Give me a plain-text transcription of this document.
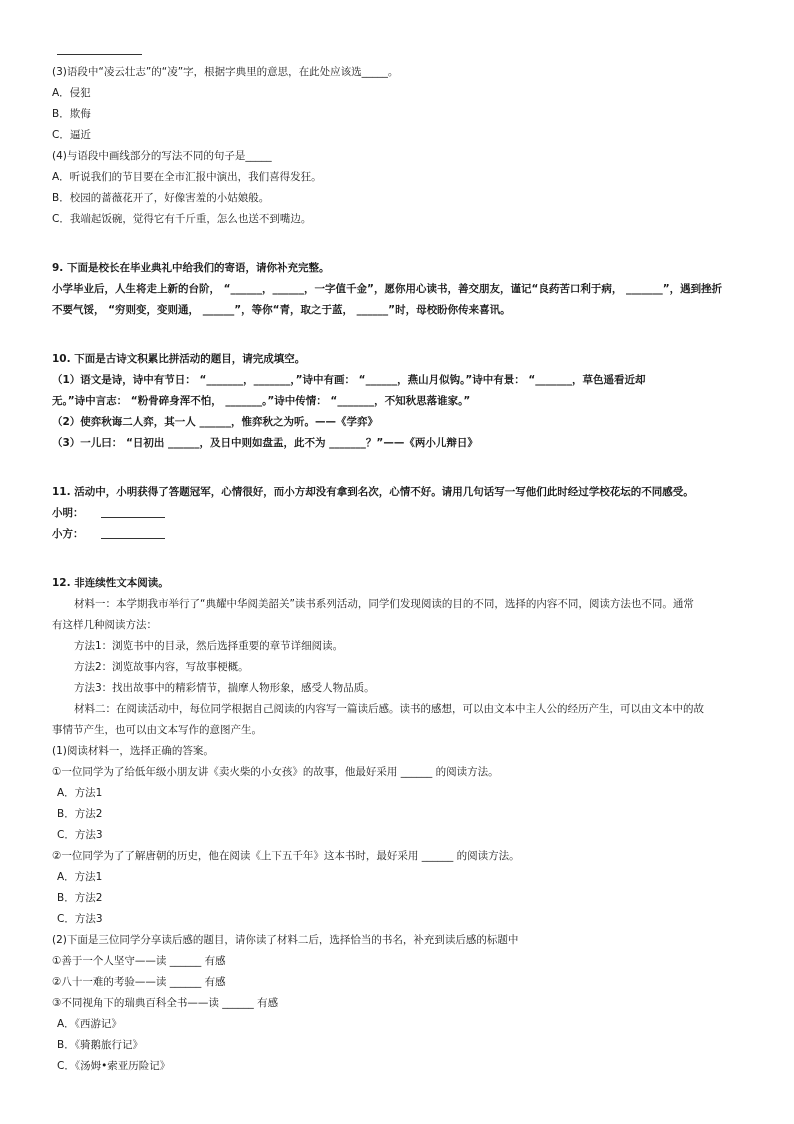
(3)语段中“凌云壮志”的“凌”字，根据字典里的意思，在此处应该选_____。
A．侵犯
B．欺侮
C．逼近
(4)与语段中画线部分的写法不同的句子是_____
A．听说我们的节目要在全市汇报中演出，我们喜得发狂。
B．校园的蔷薇花开了，好像害羞的小姑娘般。
C．我端起饭碗，觉得它有千斤重，怎么也送不到嘴边。
9. 下面是校长在毕业典礼中给我们的寄语，请你补充完整。
小学毕业后，人生将走上新的台阶， “______，______，一字值千金”，愿你用心读书，善交朋友，谨记“良药苦口利于病， _______”，遇到挫折
不要气馁， “穷则变，变则通， ______”，等你“青，取之于蓝， ______”时，母校盼你传来喜讯。
10. 下面是古诗文积累比拼活动的题目，请完成填空。
（1）语文是诗，诗中有节日： “_______，_______，”诗中有画： “______，燕山月似钩。”诗中有景： “_______，草色遥看近却
无。”诗中言志： “粉骨碎身浑不怕， _______。”诗中传情： “_______，不知秋思落谁家。”
（2）使弈秋诲二人弈，其一人 ______，惟弈秋之为听。——《学弈》
（3）一儿曰： “日初出 ______，及日中则如盘盂，此不为 _______？”——《两小儿辩日》
11. 活动中，小明获得了答题冠军，心情很好，而小方却没有拿到名次，心情不好。请用几句话写一写他们此时经过学校花坛的不同感受。
小明：
小方：
12. 非连续性文本阅读。
材料一：本学期我市举行了“典耀中华阅美韶关”读书系列活动，同学们发现阅读的目的不同，选择的内容不同，阅读方法也不同。通常
有这样几种阅读方法：
方法1：浏览书中的目录，然后选择重要的章节详细阅读。
方法2：浏览故事内容，写故事梗概。
方法3：找出故事中的精彩情节，揣摩人物形象，感受人物品质。
材料二：在阅读活动中，每位同学根据自己阅读的内容写一篇读后感。读书的感想，可以由文本中主人公的经历产生，可以由文本中的故
事情节产生，也可以由文本写作的意图产生。
(1)阅读材料一，选择正确的答案。
①一位同学为了给低年级小朋友讲《卖火柴的小女孩》的故事，他最好采用 ______ 的阅读方法。
A．方法1
B．方法2
C．方法3
②一位同学为了了解唐朝的历史，他在阅读《上下五千年》这本书时，最好采用 ______ 的阅读方法。
A．方法1
B．方法2
C．方法3
(2)下面是三位同学分享读后感的题目，请你读了材料二后，选择恰当的书名，补充到读后感的标题中
①善于一个人坚守——读 ______ 有感
②八十一难的考验——读 ______ 有感
③不同视角下的瑞典百科全书——读 ______ 有感
A．《西游记》
B．《骑鹅旅行记》
C．《汤姆•索亚历险记》
